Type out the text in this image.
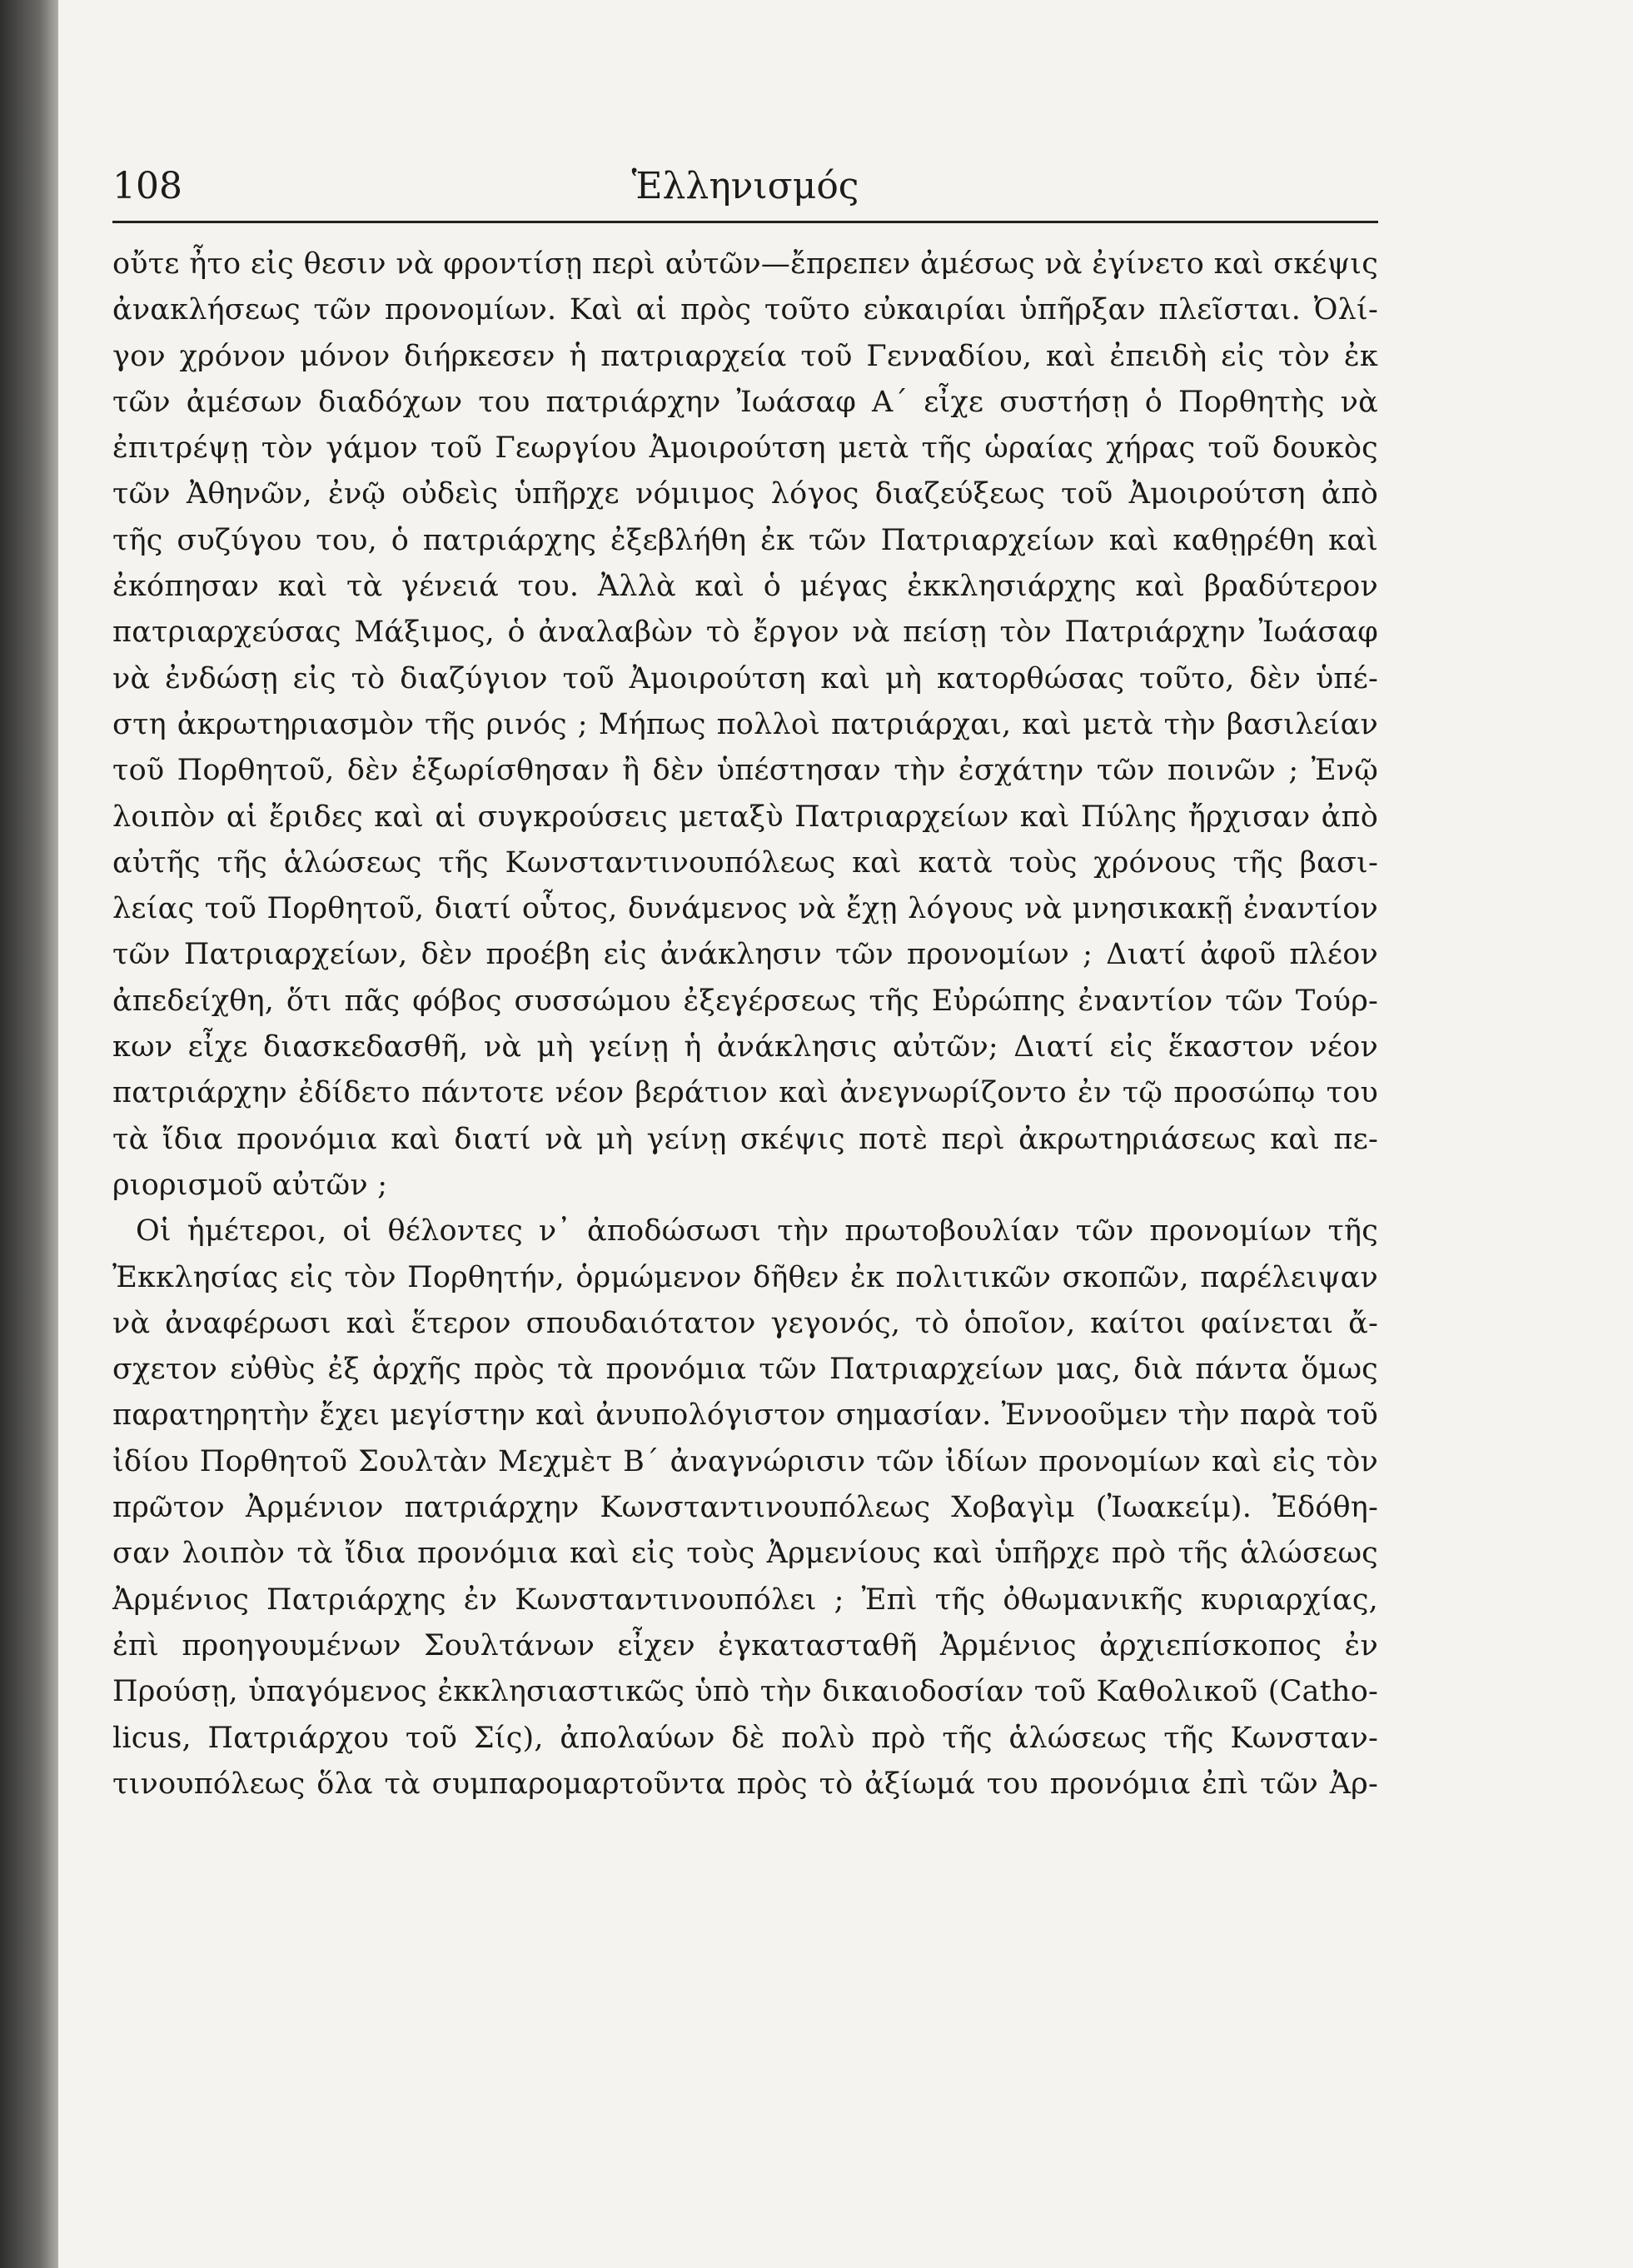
108	Ἑλληνισμός
οὔτε ἦτο εἰς θεσιν νὰ φροντίσῃ περὶ αὐτῶν—ἔπρεπεν ἀμέσως νὰ ἐγίνετο καὶ σκέψις
ἀνακλήσεως τῶν προνομίων. Καὶ αἱ πρὸς τοῦτο εὐκαιρίαι ὑπῆρξαν πλεῖσται. Ὀλί-
γον χρόνον μόνον διήρκεσεν ἡ πατριαρχεία τοῦ Γενναδίου, καὶ ἐπειδὴ εἰς τὸν ἐκ
τῶν ἀμέσων διαδόχων του πατριάρχην Ἰωάσαφ Α΄ εἶχε συστήσῃ ὁ Πορθητὴς νὰ
ἐπιτρέψῃ τὸν γάμον τοῦ Γεωργίου Ἀμοιρούτση μετὰ τῆς ὡραίας χήρας τοῦ δουκὸς
τῶν Ἀθηνῶν, ἐνῷ οὐδεὶς ὑπῆρχε νόμιμος λόγος διαζεύξεως τοῦ Ἀμοιρούτση ἀπὸ
τῆς συζύγου του, ὁ πατριάρχης ἐξεβλήθη ἐκ τῶν Πατριαρχείων καὶ καθῃρέθη καὶ
ἐκόπησαν καὶ τὰ γένειά του. Ἀλλὰ καὶ ὁ μέγας ἐκκλησιάρχης καὶ βραδύτερον
πατριαρχεύσας Μάξιμος, ὁ ἀναλαβὼν τὸ ἔργον νὰ πείσῃ τὸν Πατριάρχην Ἰωάσαφ
νὰ ἐνδώσῃ εἰς τὸ διαζύγιον τοῦ Ἀμοιρούτση καὶ μὴ κατορθώσας τοῦτο, δὲν ὑπέ-
στη ἀκρωτηριασμὸν τῆς ρινός ; Μήπως πολλοὶ πατριάρχαι, καὶ μετὰ τὴν βασιλείαν
τοῦ Πορθητοῦ, δὲν ἐξωρίσθησαν ἢ δὲν ὑπέστησαν τὴν ἐσχάτην τῶν ποινῶν ; Ἐνῷ
λοιπὸν αἱ ἔριδες καὶ αἱ συγκρούσεις μεταξὺ Πατριαρχείων καὶ Πύλης ἤρχισαν ἀπὸ
αὐτῆς τῆς ἁλώσεως τῆς Κωνσταντινουπόλεως καὶ κατὰ τοὺς χρόνους τῆς βασι-
λείας τοῦ Πορθητοῦ, διατί οὗτος, δυνάμενος νὰ ἔχῃ λόγους νὰ μνησικακῇ ἐναντίον
τῶν Πατριαρχείων, δὲν προέβη εἰς ἀνάκλησιν τῶν προνομίων ; Διατί ἀφοῦ πλέον
ἀπεδείχθη, ὅτι πᾶς φόβος συσσώμου ἐξεγέρσεως τῆς Εὐρώπης ἐναντίον τῶν Τούρ-
κων εἶχε διασκεδασθῆ, νὰ μὴ γείνῃ ἡ ἀνάκλησις αὐτῶν; Διατί εἰς ἕκαστον νέον
πατριάρχην ἐδίδετο πάντοτε νέον βεράτιον καὶ ἀνεγνωρίζοντο ἐν τῷ προσώπῳ του
τὰ ἴδια προνόμια καὶ διατί νὰ μὴ γείνῃ σκέψις ποτὲ περὶ ἀκρωτηριάσεως καὶ πε-
ριορισμοῦ αὐτῶν ;
Οἱ ἡμέτεροι, οἱ θέλοντες ν᾽ ἀποδώσωσι τὴν πρωτοβουλίαν τῶν προνομίων τῆς
Ἐκκλησίας εἰς τὸν Πορθητήν, ὁρμώμενον δῆθεν ἐκ πολιτικῶν σκοπῶν, παρέλειψαν
νὰ ἀναφέρωσι καὶ ἕτερον σπουδαιότατον γεγονός, τὸ ὁποῖον, καίτοι φαίνεται ἄ-
σχετον εὐθὺς ἐξ ἀρχῆς πρὸς τὰ προνόμια τῶν Πατριαρχείων μας, διὰ πάντα ὅμως
παρατηρητὴν ἔχει μεγίστην καὶ ἀνυπολόγιστον σημασίαν. Ἐννοοῦμεν τὴν παρὰ τοῦ
ἰδίου Πορθητοῦ Σουλτὰν Μεχμὲτ Β΄ ἀναγνώρισιν τῶν ἰδίων προνομίων καὶ εἰς τὸν
πρῶτον Ἀρμένιον πατριάρχην Κωνσταντινουπόλεως Χοβαγὶμ (Ἰωακείμ). Ἐδόθη-
σαν λοιπὸν τὰ ἴδια προνόμια καὶ εἰς τοὺς Ἀρμενίους καὶ ὑπῆρχε πρὸ τῆς ἁλώσεως
Ἀρμένιος Πατριάρχης ἐν Κωνσταντινουπόλει ; Ἐπὶ τῆς ὀθωμανικῆς κυριαρχίας,
ἐπὶ προηγουμένων Σουλτάνων εἶχεν ἐγκατασταθῆ Ἀρμένιος ἀρχιεπίσκοπος ἐν
Προύσῃ, ὑπαγόμενος ἐκκλησιαστικῶς ὑπὸ τὴν δικαιοδοσίαν τοῦ Καθολικοῦ (Catho-
licus, Πατριάρχου τοῦ Σίς), ἀπολαύων δὲ πολὺ πρὸ τῆς ἁλώσεως τῆς Κωνσταν-
τινουπόλεως ὅλα τὰ συμπαρομαρτοῦντα πρὸς τὸ ἀξίωμά του προνόμια ἐπὶ τῶν Ἀρ-
